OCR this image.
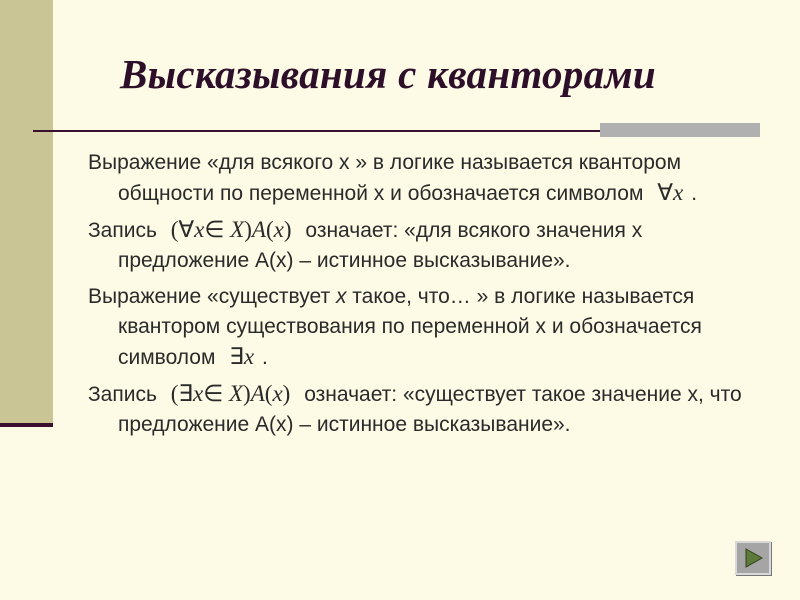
Высказывания с кванторами

Выражение «для всякого х » в логике называется квантором общности по переменной х и обозначается символом ∀x .

Запись (∀x∈ X)A(x) означает: «для всякого значения х предложение А(х) – истинное высказывание».

Выражение «существует х такое, что… » в логике называется квантором существования по переменной х и обозначается символом ∃x .

Запись (∃x∈ X)A(x) означает: «существует такое значение х, что предложение А(х) – истинное высказывание».
